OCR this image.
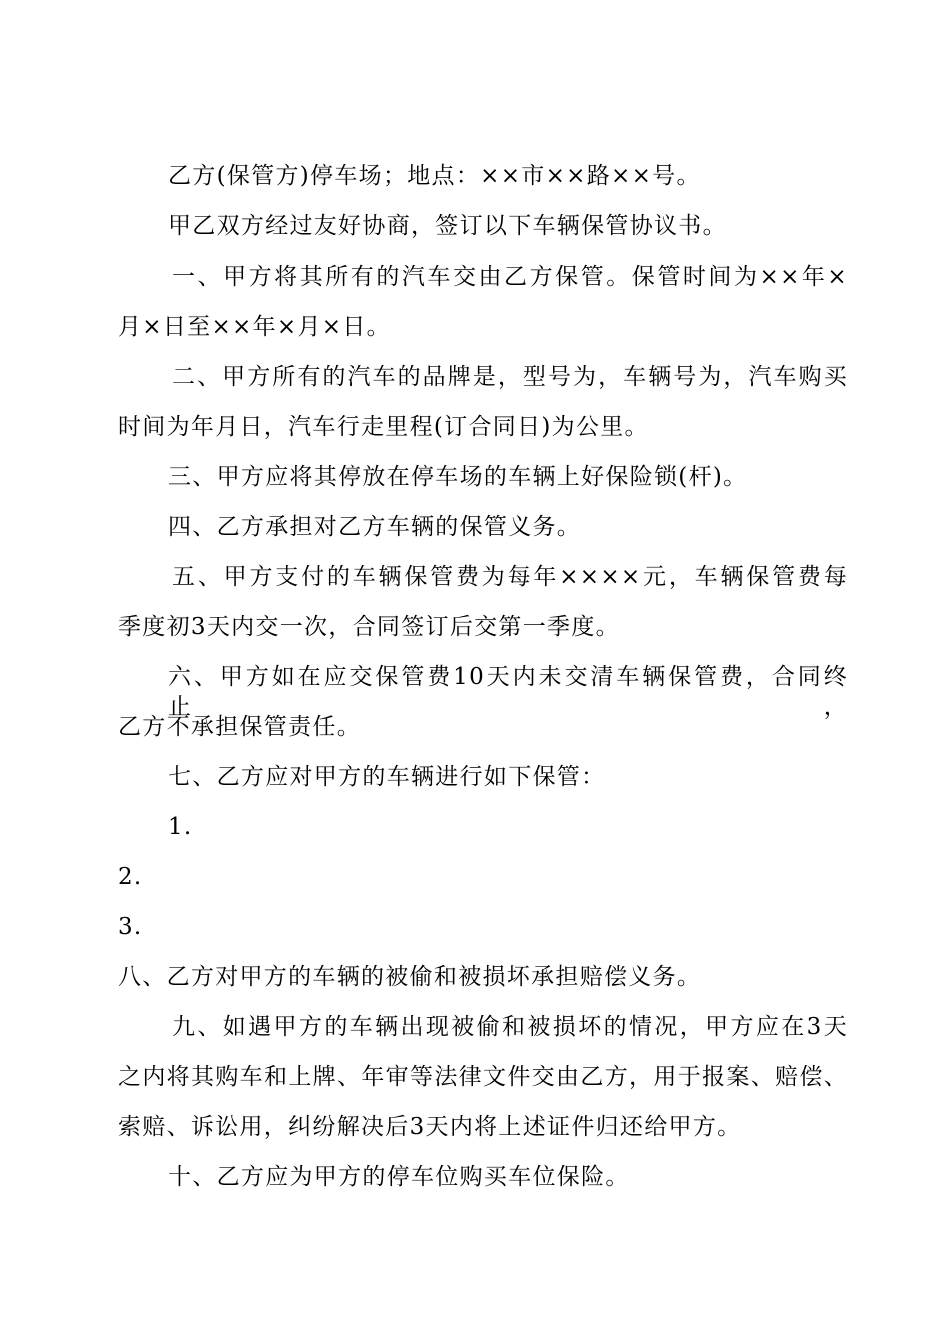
乙方(保管方)停车场；地点：××市××路××号。
甲乙双方经过友好协商，签订以下车辆保管协议书。
一、甲方将其所有的汽车交由乙方保管。保管时间为××年×
月×日至××年×月×日。
二、甲方所有的汽车的品牌是，型号为，车辆号为，汽车购买
时间为年月日，汽车行走里程(订合同日)为公里。
三、甲方应将其停放在停车场的车辆上好保险锁(杆)。
四、乙方承担对乙方车辆的保管义务。
五、甲方支付的车辆保管费为每年××××元，车辆保管费每
季度初3天内交一次，合同签订后交第一季度。
六、甲方如在应交保管费10天内未交清车辆保管费，合同终止，
乙方不承担保管责任。
七、乙方应对甲方的车辆进行如下保管：
1.
2.
3.
八、乙方对甲方的车辆的被偷和被损坏承担赔偿义务。
九、如遇甲方的车辆出现被偷和被损坏的情况，甲方应在3天
之内将其购车和上牌、年审等法律文件交由乙方，用于报案、赔偿、
索赔、诉讼用，纠纷解决后3天内将上述证件归还给甲方。
十、乙方应为甲方的停车位购买车位保险。
